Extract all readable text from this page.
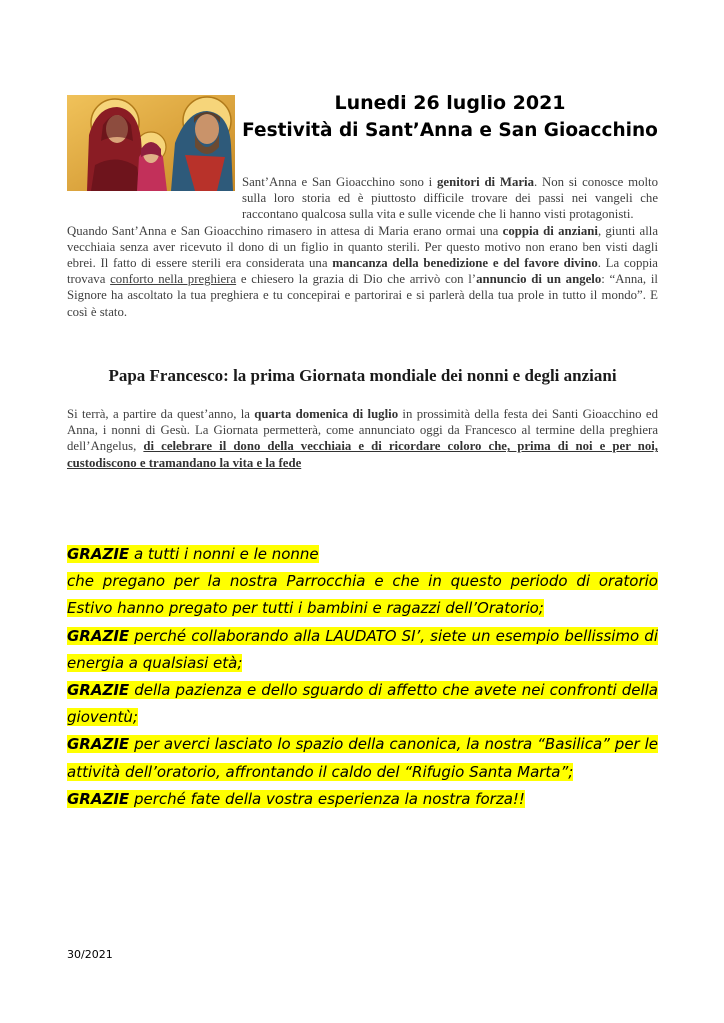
Lunedi 26 luglio 2021
Festività di Sant’Anna e San Gioacchino

Sant’Anna e San Gioacchino sono i genitori di Maria. Non si conosce molto sulla loro storia ed è piuttosto difficile trovare dei passi nei vangeli che raccontano qualcosa sulla vita e sulle vicende che li hanno visti protagonisti.
Quando Sant’Anna e San Gioacchino rimasero in attesa di Maria erano ormai una coppia di anziani, giunti alla vecchiaia senza aver ricevuto il dono di un figlio in quanto sterili. Per questo motivo non erano ben visti dagli ebrei. Il fatto di essere sterili era considerata una mancanza della benedizione e del favore divino. La coppia trovava conforto nella preghiera e chiesero la grazia di Dio che arrivò con l’annuncio di un angelo: “Anna, il Signore ha ascoltato la tua preghiera e tu concepirai e partorirai e si parlerà della tua prole in tutto il mondo”. E così è stato.

Papa Francesco: la prima Giornata mondiale dei nonni e degli anziani

Si terrà, a partire da quest’anno, la quarta domenica di luglio in prossimità della festa dei Santi Gioacchino ed Anna, i nonni di Gesù. La Giornata permetterà, come annunciato oggi da Francesco al termine della preghiera dell’Angelus, di celebrare il dono della vecchiaia e di ricordare coloro che, prima di noi e per noi, custodiscono e tramandano la vita e la fede

GRAZIE a tutti i nonni e le nonne
che pregano per la nostra Parrocchia e che in questo periodo di oratorio Estivo hanno pregato per tutti i bambini e ragazzi dell’Oratorio;
GRAZIE perché collaborando alla LAUDATO SI’, siete un esempio bellissimo di energia a qualsiasi età;
GRAZIE della pazienza e dello sguardo di affetto che avete nei confronti della gioventù;
GRAZIE per averci lasciato lo spazio della canonica, la nostra “Basilica” per le attività dell’oratorio, affrontando il caldo del “Rifugio Santa Marta”;
GRAZIE perché fate della vostra esperienza la nostra forza!!
30/2021
